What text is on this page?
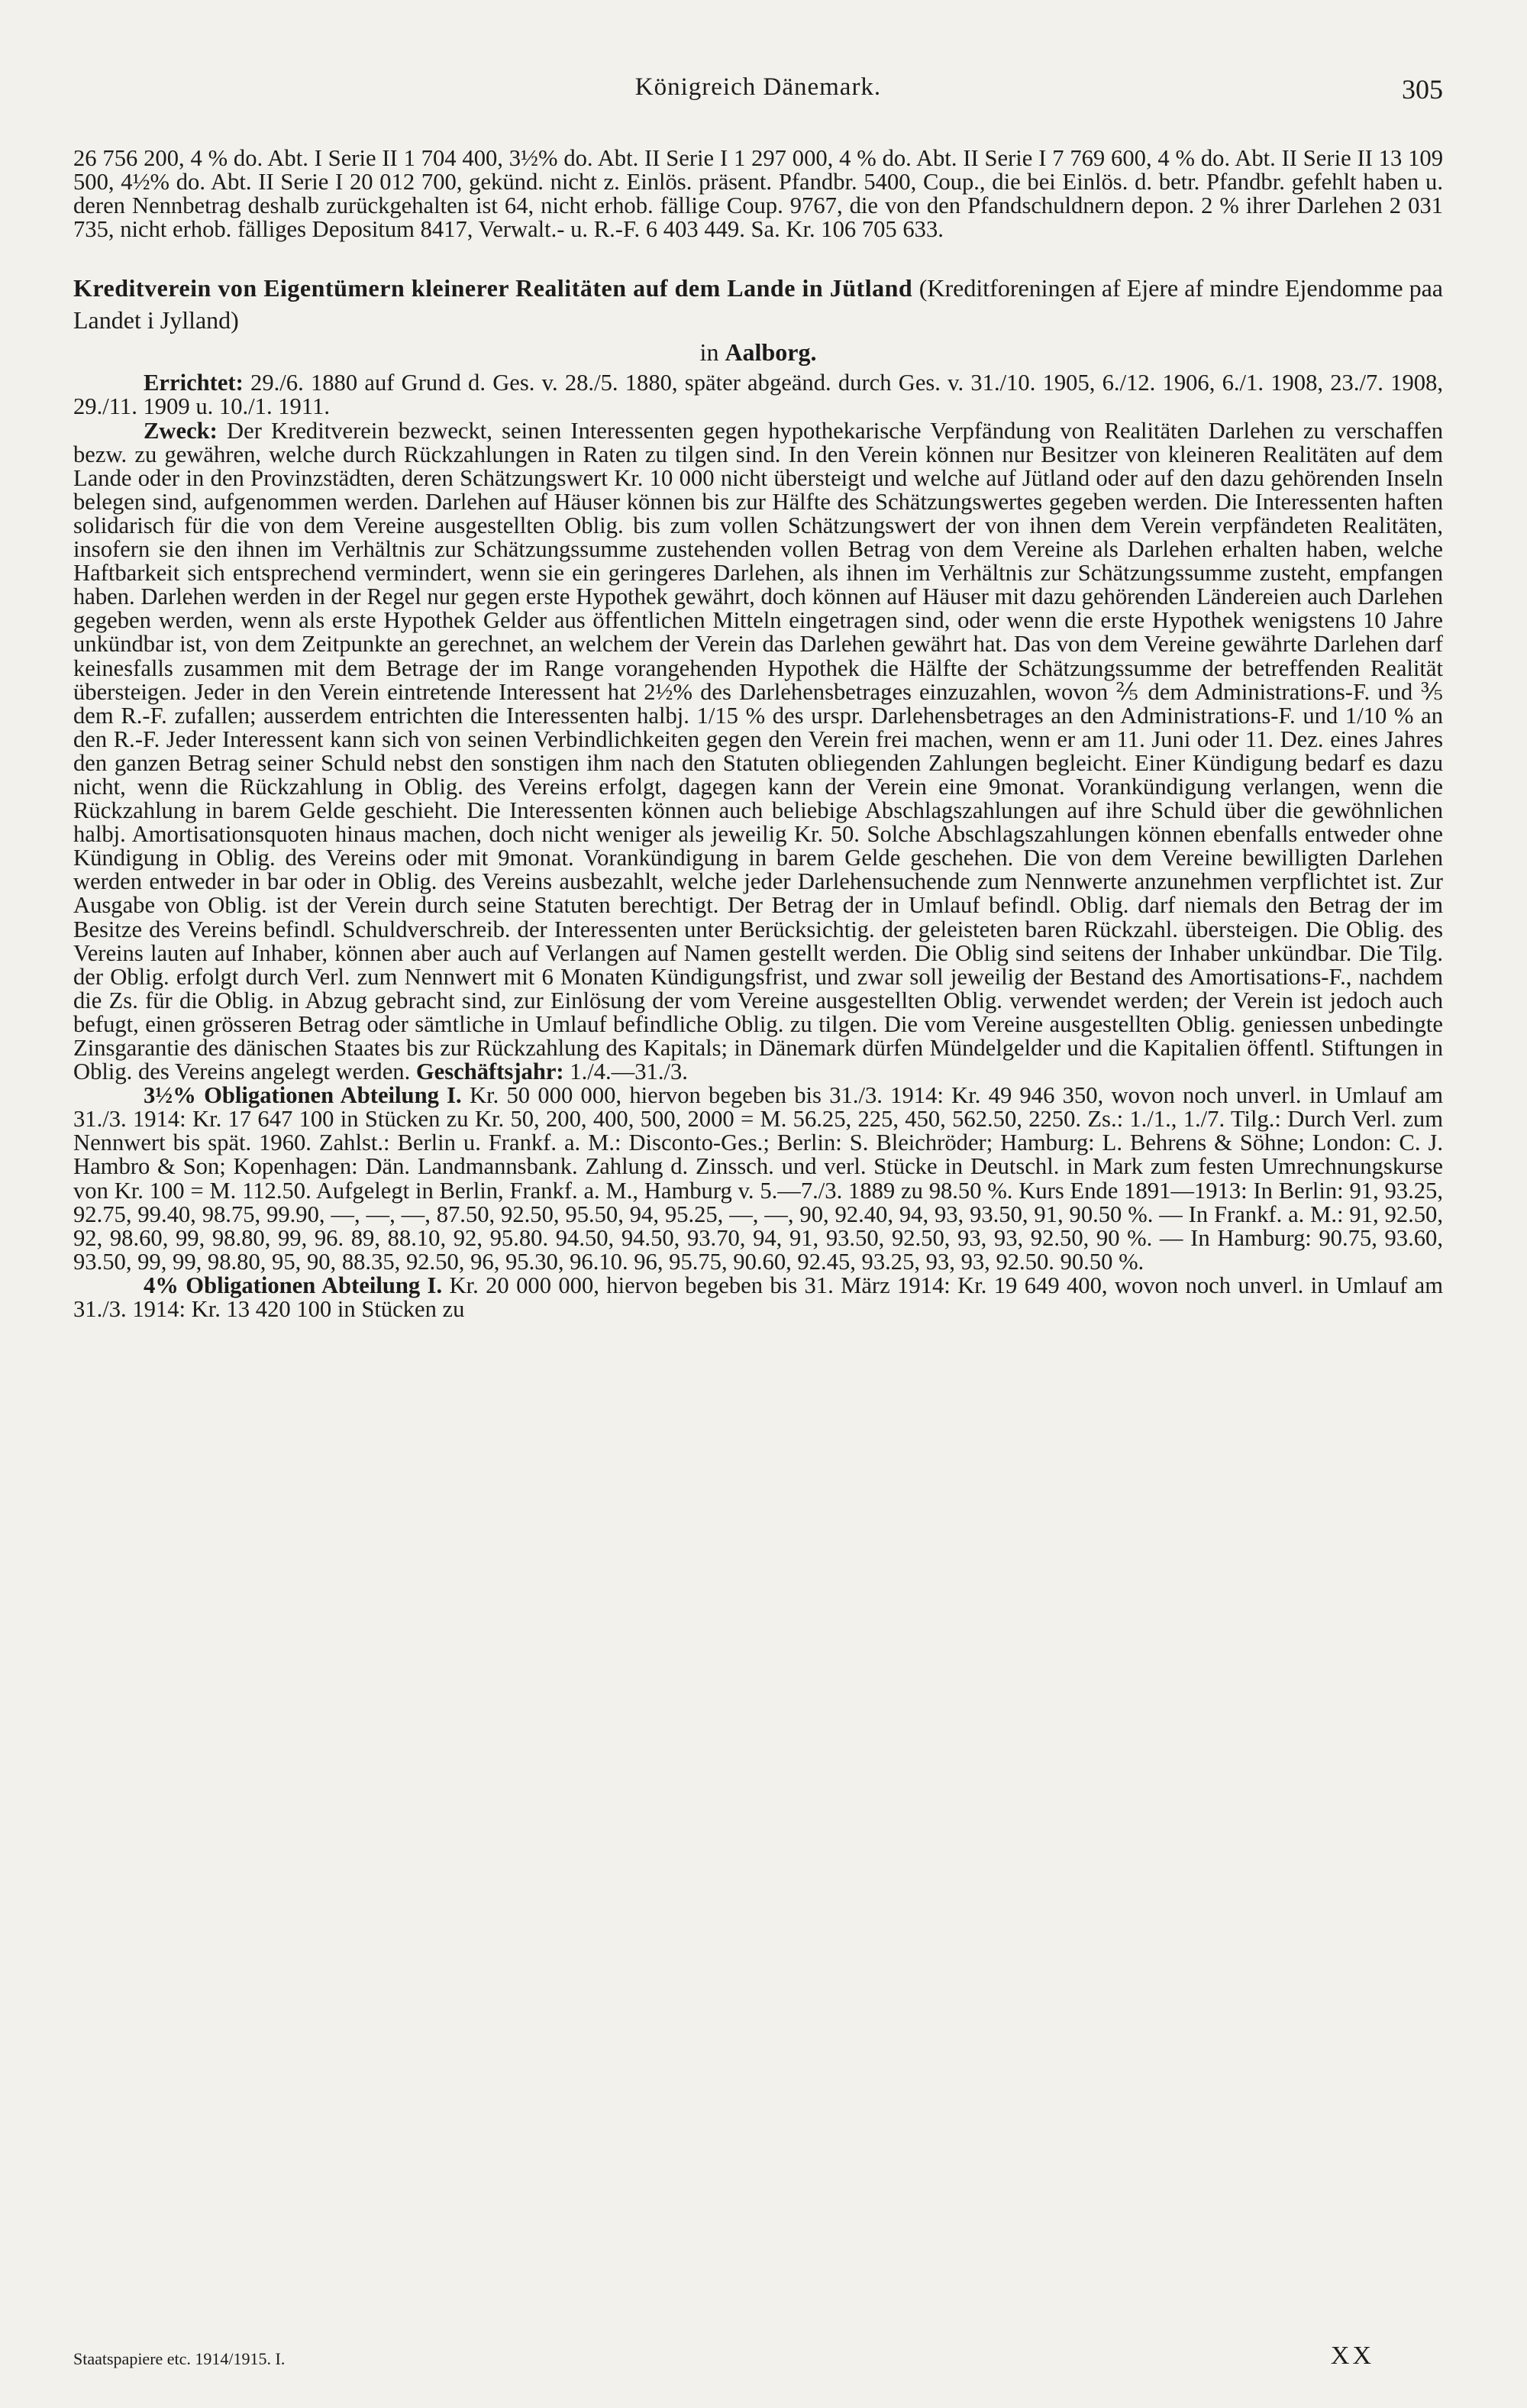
Königreich Dänemark.	305

26 756 200, 4 % do. Abt. I Serie II 1 704 400, 3½% do. Abt. II Serie I 1 297 000, 4 % do. Abt. II Serie I 7 769 600, 4 % do. Abt. II Serie II 13 109 500, 4½% do. Abt. II Serie I 20 012 700, gekünd. nicht z. Einlös. präsent. Pfandbr. 5400, Coup., die bei Einlös. d. betr. Pfandbr. gefehlt haben u. deren Nennbetrag deshalb zurückgehalten ist 64, nicht erhob. fällige Coup. 9767, die von den Pfandschuldnern depon. 2 % ihrer Darlehen 2 031 735, nicht erhob. fälliges Depositum 8417, Verwalt.- u. R.-F. 6 403 449. Sa. Kr. 106 705 633.

Kreditverein von Eigentümern kleinerer Realitäten auf dem Lande in Jütland (Kreditforeningen af Ejere af mindre Ejendomme paa Landet i Jylland)

in Aalborg.

Errichtet: 29./6. 1880 auf Grund d. Ges. v. 28./5. 1880, später abgeänd. durch Ges. v. 31./10. 1905, 6./12. 1906, 6./1. 1908, 23./7. 1908, 29./11. 1909 u. 10./1. 1911.

Zweck: Der Kreditverein bezweckt, seinen Interessenten gegen hypothekarische Verpfändung von Realitäten Darlehen zu verschaffen bezw. zu gewähren, welche durch Rückzahlungen in Raten zu tilgen sind. In den Verein können nur Besitzer von kleineren Realitäten auf dem Lande oder in den Provinzstädten, deren Schätzungswert Kr. 10 000 nicht übersteigt und welche auf Jütland oder auf den dazu gehörenden Inseln belegen sind, aufgenommen werden. Darlehen auf Häuser können bis zur Hälfte des Schätzungswertes gegeben werden. Die Interessenten haften solidarisch für die von dem Vereine ausgestellten Oblig. bis zum vollen Schätzungswert der von ihnen dem Verein verpfändeten Realitäten, insofern sie den ihnen im Verhältnis zur Schätzungssumme zustehenden vollen Betrag von dem Vereine als Darlehen erhalten haben, welche Haftbarkeit sich entsprechend vermindert, wenn sie ein geringeres Darlehen, als ihnen im Verhältnis zur Schätzungssumme zusteht, empfangen haben. Darlehen werden in der Regel nur gegen erste Hypothek gewährt, doch können auf Häuser mit dazu gehörenden Ländereien auch Darlehen gegeben werden, wenn als erste Hypothek Gelder aus öffentlichen Mitteln eingetragen sind, oder wenn die erste Hypothek wenigstens 10 Jahre unkündbar ist, von dem Zeitpunkte an gerechnet, an welchem der Verein das Darlehen gewährt hat. Das von dem Vereine gewährte Darlehen darf keinesfalls zusammen mit dem Betrage der im Range vorangehenden Hypothek die Hälfte der Schätzungssumme der betreffenden Realität übersteigen. Jeder in den Verein eintretende Interessent hat 2½% des Darlehensbetrages einzuzahlen, wovon ⅖ dem Administrations-F. und ⅗ dem R.-F. zufallen; ausserdem entrichten die Interessenten halbj. 1/15 % des urspr. Darlehensbetrages an den Administrations-F. und 1/10 % an den R.-F. Jeder Interessent kann sich von seinen Verbindlichkeiten gegen den Verein frei machen, wenn er am 11. Juni oder 11. Dez. eines Jahres den ganzen Betrag seiner Schuld nebst den sonstigen ihm nach den Statuten obliegenden Zahlungen begleicht. Einer Kündigung bedarf es dazu nicht, wenn die Rückzahlung in Oblig. des Vereins erfolgt, dagegen kann der Verein eine 9monat. Vorankündigung verlangen, wenn die Rückzahlung in barem Gelde geschieht. Die Interessenten können auch beliebige Abschlagszahlungen auf ihre Schuld über die gewöhnlichen halbj. Amortisationsquoten hinaus machen, doch nicht weniger als jeweilig Kr. 50. Solche Abschlagszahlungen können ebenfalls entweder ohne Kündigung in Oblig. des Vereins oder mit 9monat. Vorankündigung in barem Gelde geschehen. Die von dem Vereine bewilligten Darlehen werden entweder in bar oder in Oblig. des Vereins ausbezahlt, welche jeder Darlehensuchende zum Nennwerte anzunehmen verpflichtet ist. Zur Ausgabe von Oblig. ist der Verein durch seine Statuten berechtigt. Der Betrag der in Umlauf befindl. Oblig. darf niemals den Betrag der im Besitze des Vereins befindl. Schuldverschreib. der Interessenten unter Berücksichtig. der geleisteten baren Rückzahl. übersteigen. Die Oblig. des Vereins lauten auf Inhaber, können aber auch auf Verlangen auf Namen gestellt werden. Die Oblig sind seitens der Inhaber unkündbar. Die Tilg. der Oblig. erfolgt durch Verl. zum Nennwert mit 6 Monaten Kündigungsfrist, und zwar soll jeweilig der Bestand des Amortisations-F., nachdem die Zs. für die Oblig. in Abzug gebracht sind, zur Einlösung der vom Vereine ausgestellten Oblig. verwendet werden; der Verein ist jedoch auch befugt, einen grösseren Betrag oder sämtliche in Umlauf befindliche Oblig. zu tilgen. Die vom Vereine ausgestellten Oblig. geniessen unbedingte Zinsgarantie des dänischen Staates bis zur Rückzahlung des Kapitals; in Dänemark dürfen Mündelgelder und die Kapitalien öffentl. Stiftungen in Oblig. des Vereins angelegt werden. Geschäftsjahr: 1./4.—31./3.

3½% Obligationen Abteilung I. Kr. 50 000 000, hiervon begeben bis 31./3. 1914: Kr. 49 946 350, wovon noch unverl. in Umlauf am 31./3. 1914: Kr. 17 647 100 in Stücken zu Kr. 50, 200, 400, 500, 2000 = M. 56.25, 225, 450, 562.50, 2250. Zs.: 1./1., 1./7. Tilg.: Durch Verl. zum Nennwert bis spät. 1960. Zahlst.: Berlin u. Frankf. a. M.: Disconto-Ges.; Berlin: S. Bleichröder; Hamburg: L. Behrens & Söhne; London: C. J. Hambro & Son; Kopenhagen: Dän. Landmannsbank. Zahlung d. Zinssch. und verl. Stücke in Deutschl. in Mark zum festen Umrechnungskurse von Kr. 100 = M. 112.50. Aufgelegt in Berlin, Frankf. a. M., Hamburg v. 5.—7./3. 1889 zu 98.50 %. Kurs Ende 1891—1913: In Berlin: 91, 93.25, 92.75, 99.40, 98.75, 99.90, —, —, —, 87.50, 92.50, 95.50, 94, 95.25, —, —, 90, 92.40, 94, 93, 93.50, 91, 90.50 %. — In Frankf. a. M.: 91, 92.50, 92, 98.60, 99, 98.80, 99, 96. 89, 88.10, 92, 95.80. 94.50, 94.50, 93.70, 94, 91, 93.50, 92.50, 93, 93, 92.50, 90 %. — In Hamburg: 90.75, 93.60, 93.50, 99, 99, 98.80, 95, 90, 88.35, 92.50, 96, 95.30, 96.10. 96, 95.75, 90.60, 92.45, 93.25, 93, 93, 92.50. 90.50 %.

4% Obligationen Abteilung I. Kr. 20 000 000, hiervon begeben bis 31. März 1914: Kr. 19 649 400, wovon noch unverl. in Umlauf am 31./3. 1914: Kr. 13 420 100 in Stücken zu

Staatspapiere etc. 1914/1915. I.	XX
